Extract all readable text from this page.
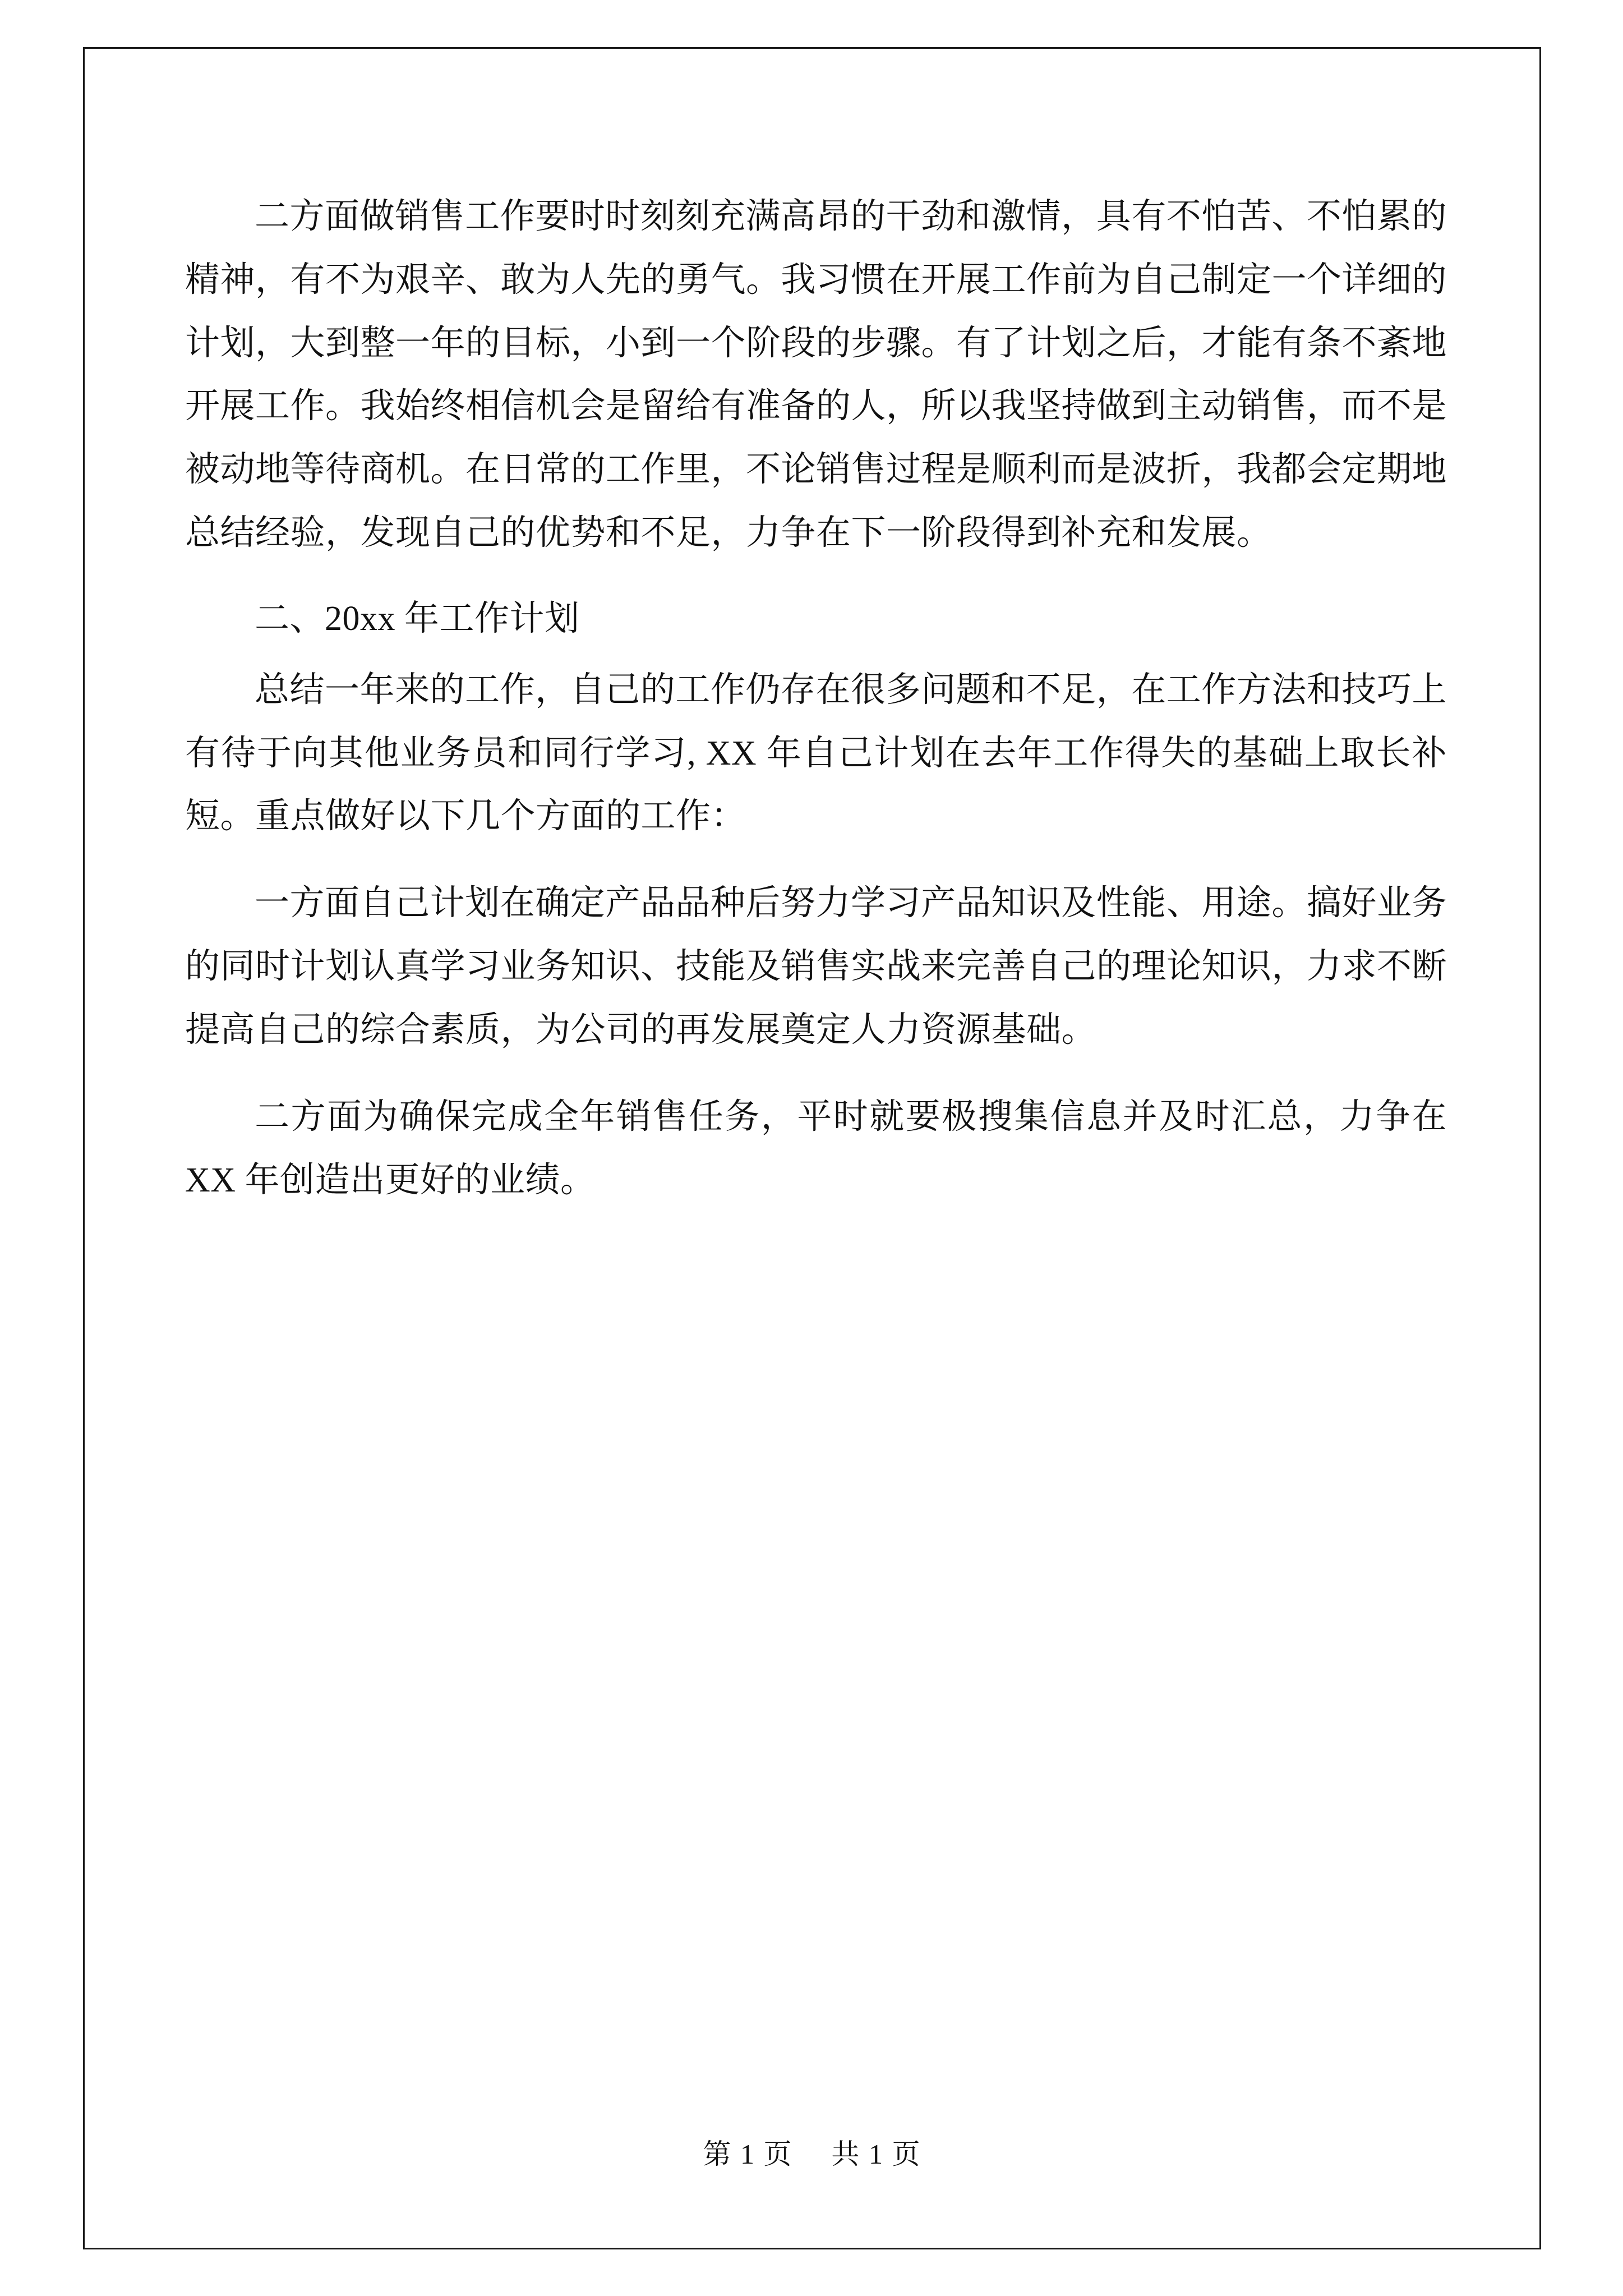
二方面做销售工作要时时刻刻充满高昂的干劲和激情，具有不怕苦、不怕累的精神，有不为艰辛、敢为人先的勇气。我习惯在开展工作前为自己制定一个详细的计划，大到整一年的目标，小到一个阶段的步骤。有了计划之后，才能有条不紊地开展工作。我始终相信机会是留给有准备的人，所以我坚持做到主动销售，而不是被动地等待商机。在日常的工作里，不论销售过程是顺利而是波折，我都会定期地总结经验，发现自己的优势和不足，力争在下一阶段得到补充和发展。

二、20xx 年工作计划

总结一年来的工作，自己的工作仍存在很多问题和不足，在工作方法和技巧上有待于向其他业务员和同行学习, XX 年自己计划在去年工作得失的基础上取长补短。重点做好以下几个方面的工作：

一方面自己计划在确定产品品种后努力学习产品知识及性能、用途。搞好业务的同时计划认真学习业务知识、技能及销售实战来完善自己的理论知识，力求不断提高自己的综合素质，为公司的再发展奠定人力资源基础。

二方面为确保完成全年销售任务，平时就要极搜集信息并及时汇总，力争在 XX 年创造出更好的业绩。

第 1 页 共 1 页
